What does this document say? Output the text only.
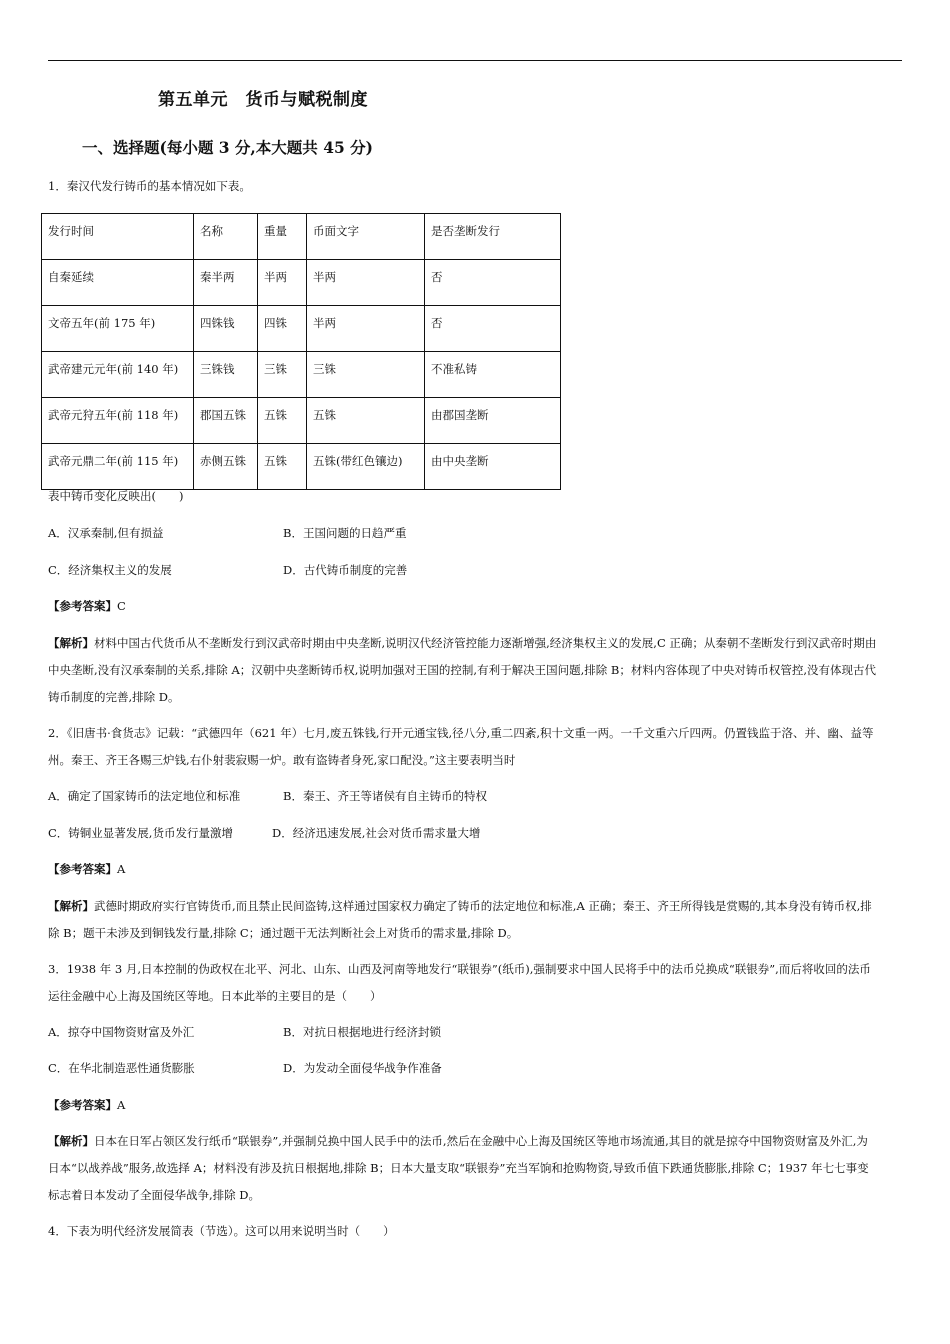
第五单元　货币与赋税制度
一、选择题(每小题 3 分,本大题共 45 分)
1．秦汉代发行铸币的基本情况如下表。
发行时间	名称	重量	币面文字	是否垄断发行
自秦延续	秦半两	半两	半两	否
文帝五年(前 175 年)	四铢钱	四铢	半两	否
武帝建元元年(前 140 年)	三铢钱	三铢	三铢	不准私铸
武帝元狩五年(前 118 年)	郡国五铢	五铢	五铢	由郡国垄断
武帝元鼎二年(前 115 年)	赤侧五铢	五铢	五铢(带红色镶边)	由中央垄断
表中铸币变化反映出(　　)
A．汉承秦制,但有损益	B．王国问题的日趋严重
C．经济集权主义的发展	D．古代铸币制度的完善
【参考答案】C
【解析】材料中国古代货币从不垄断发行到汉武帝时期由中央垄断,说明汉代经济管控能力逐渐增强,经济集权主义的发展,C 正确；从秦朝不垄断发行到汉武帝时期由
中央垄断,没有汉承秦制的关系,排除 A；汉朝中央垄断铸币权,说明加强对王国的控制,有利于解决王国问题,排除 B；材料内容体现了中央对铸币权管控,没有体现古代
铸币制度的完善,排除 D。
2．《旧唐书·食货志》记载：“武德四年（621 年）七月,废五铢钱,行开元通宝钱,径八分,重二四紊,积十文重一两。一千文重六斤四两。仍置钱监于洛、并、幽、益等
州。秦王、齐王各赐三炉钱,右仆射裴寂赐一炉。敢有盗铸者身死,家口配没。”这主要表明当时
A．确定了国家铸币的法定地位和标准	B．秦王、齐王等诸侯有自主铸币的特权
C．铸铜业显著发展,货币发行量激增	D．经济迅速发展,社会对货币需求量大增
【参考答案】A
【解析】武德时期政府实行官铸货币,而且禁止民间盗铸,这样通过国家权力确定了铸币的法定地位和标准,A 正确；秦王、齐王所得钱是赏赐的,其本身没有铸币权,排
除 B；题干未涉及到铜钱发行量,排除 C；通过题干无法判断社会上对货币的需求量,排除 D。
3．1938 年 3 月,日本控制的伪政权在北平、河北、山东、山西及河南等地发行“联银券”(纸币),强制要求中国人民将手中的法币兑换成“联银券”,而后将收回的法币
运往金融中心上海及国统区等地。日本此举的主要目的是（　　）
A．掠夺中国物资财富及外汇	B．对抗日根据地进行经济封锁
C．在华北制造恶性通货膨胀	D．为发动全面侵华战争作准备
【参考答案】A
【解析】日本在日军占领区发行纸币“联银券”,并强制兑换中国人民手中的法币,然后在金融中心上海及国统区等地市场流通,其目的就是掠夺中国物资财富及外汇,为
日本“以战养战”服务,故选择 A；材料没有涉及抗日根据地,排除 B；日本大量支取“联银券”充当军饷和抢购物资,导致币值下跌通货膨胀,排除 C；1937 年七七事变
标志着日本发动了全面侵华战争,排除 D。
4．下表为明代经济发展简表（节选）。这可以用来说明当时（　　）
